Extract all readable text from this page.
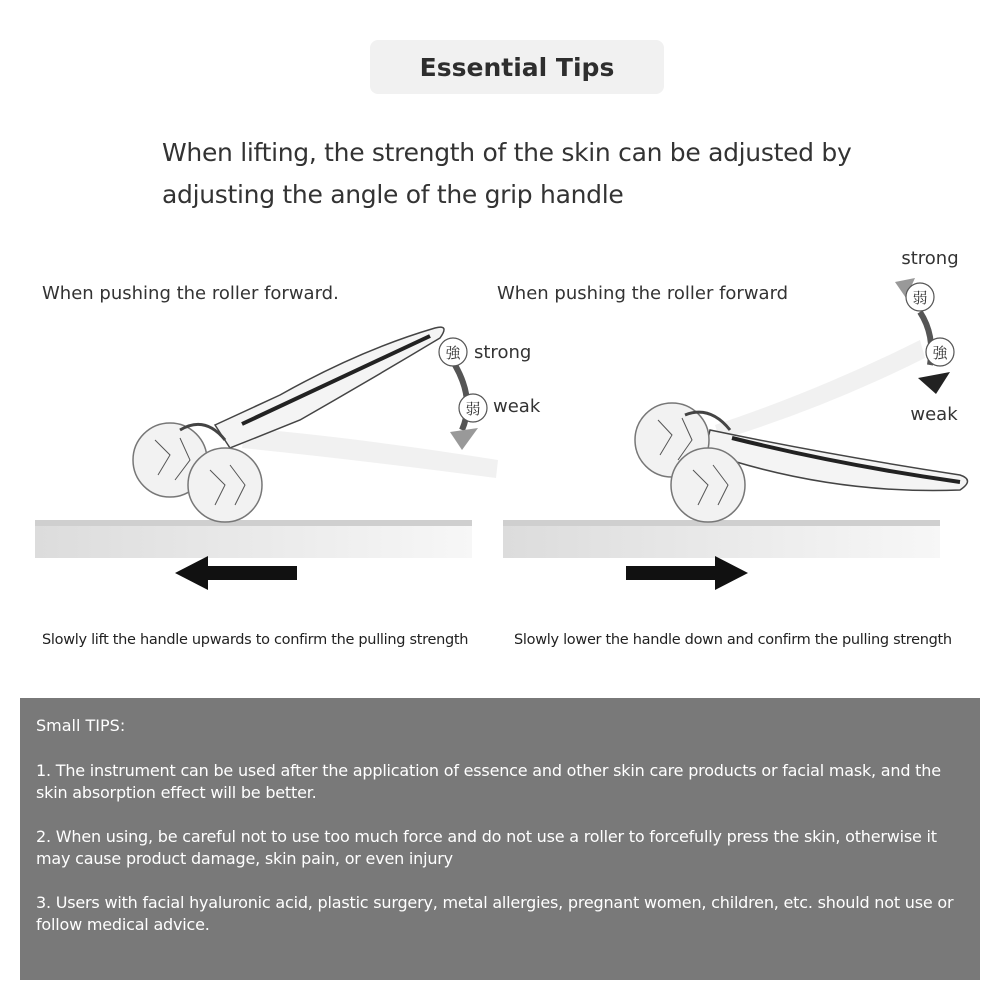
Essential Tips
When lifting, the strength of the skin can be adjusted by adjusting the angle of the grip handle
When pushing the roller forward.
強 strong
弱 weak
Slowly lift the handle upwards to confirm the pulling strength
When pushing the roller forward
strong
弱
強
weak
Slowly lower the handle down and confirm the pulling strength
Small TIPS:
1. The instrument can be used after the application of essence and other skin care products or facial mask, and the skin absorption effect will be better.
2. When using, be careful not to use too much force and do not use a roller to forcefully press the skin, otherwise it may cause product damage, skin pain, or even injury
3. Users with facial hyaluronic acid, plastic surgery, metal allergies, pregnant women, children, etc. should not use or follow medical advice.
